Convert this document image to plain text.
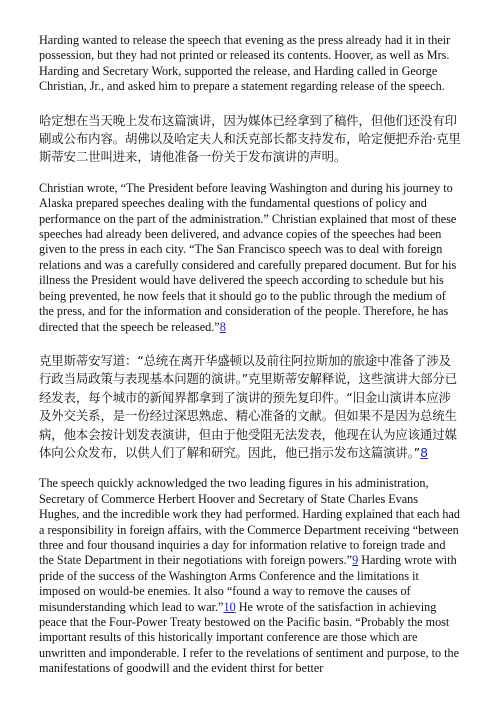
Harding wanted to release the speech that evening as the press already had it in their possession, but they had not printed or released its contents. Hoover, as well as Mrs. Harding and Secretary Work, supported the release, and Harding called in George Christian, Jr., and asked him to prepare a statement regarding release of the speech.

哈定想在当天晚上发布这篇演讲，因为媒体已经拿到了稿件，但他们还没有印刷或公布内容。胡佛以及哈定夫人和沃克部长都支持发布，哈定便把乔治·克里斯蒂安二世叫进来，请他准备一份关于发布演讲的声明。

Christian wrote, “The President before leaving Washington and during his journey to Alaska prepared speeches dealing with the fundamental questions of policy and performance on the part of the administration.” Christian explained that most of these speeches had already been delivered, and advance copies of the speeches had been given to the press in each city. “The San Francisco speech was to deal with foreign relations and was a carefully considered and carefully prepared document. But for his illness the President would have delivered the speech according to schedule but his being prevented, he now feels that it should go to the public through the medium of the press, and for the information and consideration of the people. Therefore, he has directed that the speech be released.”8

克里斯蒂安写道：“总统在离开华盛顿以及前往阿拉斯加的旅途中准备了涉及行政当局政策与表现基本问题的演讲。”克里斯蒂安解释说，这些演讲大部分已经发表，每个城市的新闻界都拿到了演讲的预先复印件。“旧金山演讲本应涉及外交关系，是一份经过深思熟虑、精心准备的文献。但如果不是因为总统生病，他本会按计划发表演讲，但由于他受阻无法发表，他现在认为应该通过媒体向公众发布，以供人们了解和研究。因此，他已指示发布这篇演讲。”8

The speech quickly acknowledged the two leading figures in his administration, Secretary of Commerce Herbert Hoover and Secretary of State Charles Evans Hughes, and the incredible work they had performed. Harding explained that each had a responsibility in foreign affairs, with the Commerce Department receiving “between three and four thousand inquiries a day for information relative to foreign trade and the State Department in their negotiations with foreign powers.”9 Harding wrote with pride of the success of the Washington Arms Conference and the limitations it imposed on would-be enemies. It also “found a way to remove the causes of misunderstanding which lead to war.”10 He wrote of the satisfaction in achieving peace that the Four-Power Treaty bestowed on the Pacific basin. “Probably the most important results of this historically important conference are those which are unwritten and imponderable. I refer to the revelations of sentiment and purpose, to the manifestations of goodwill and the evident thirst for better
